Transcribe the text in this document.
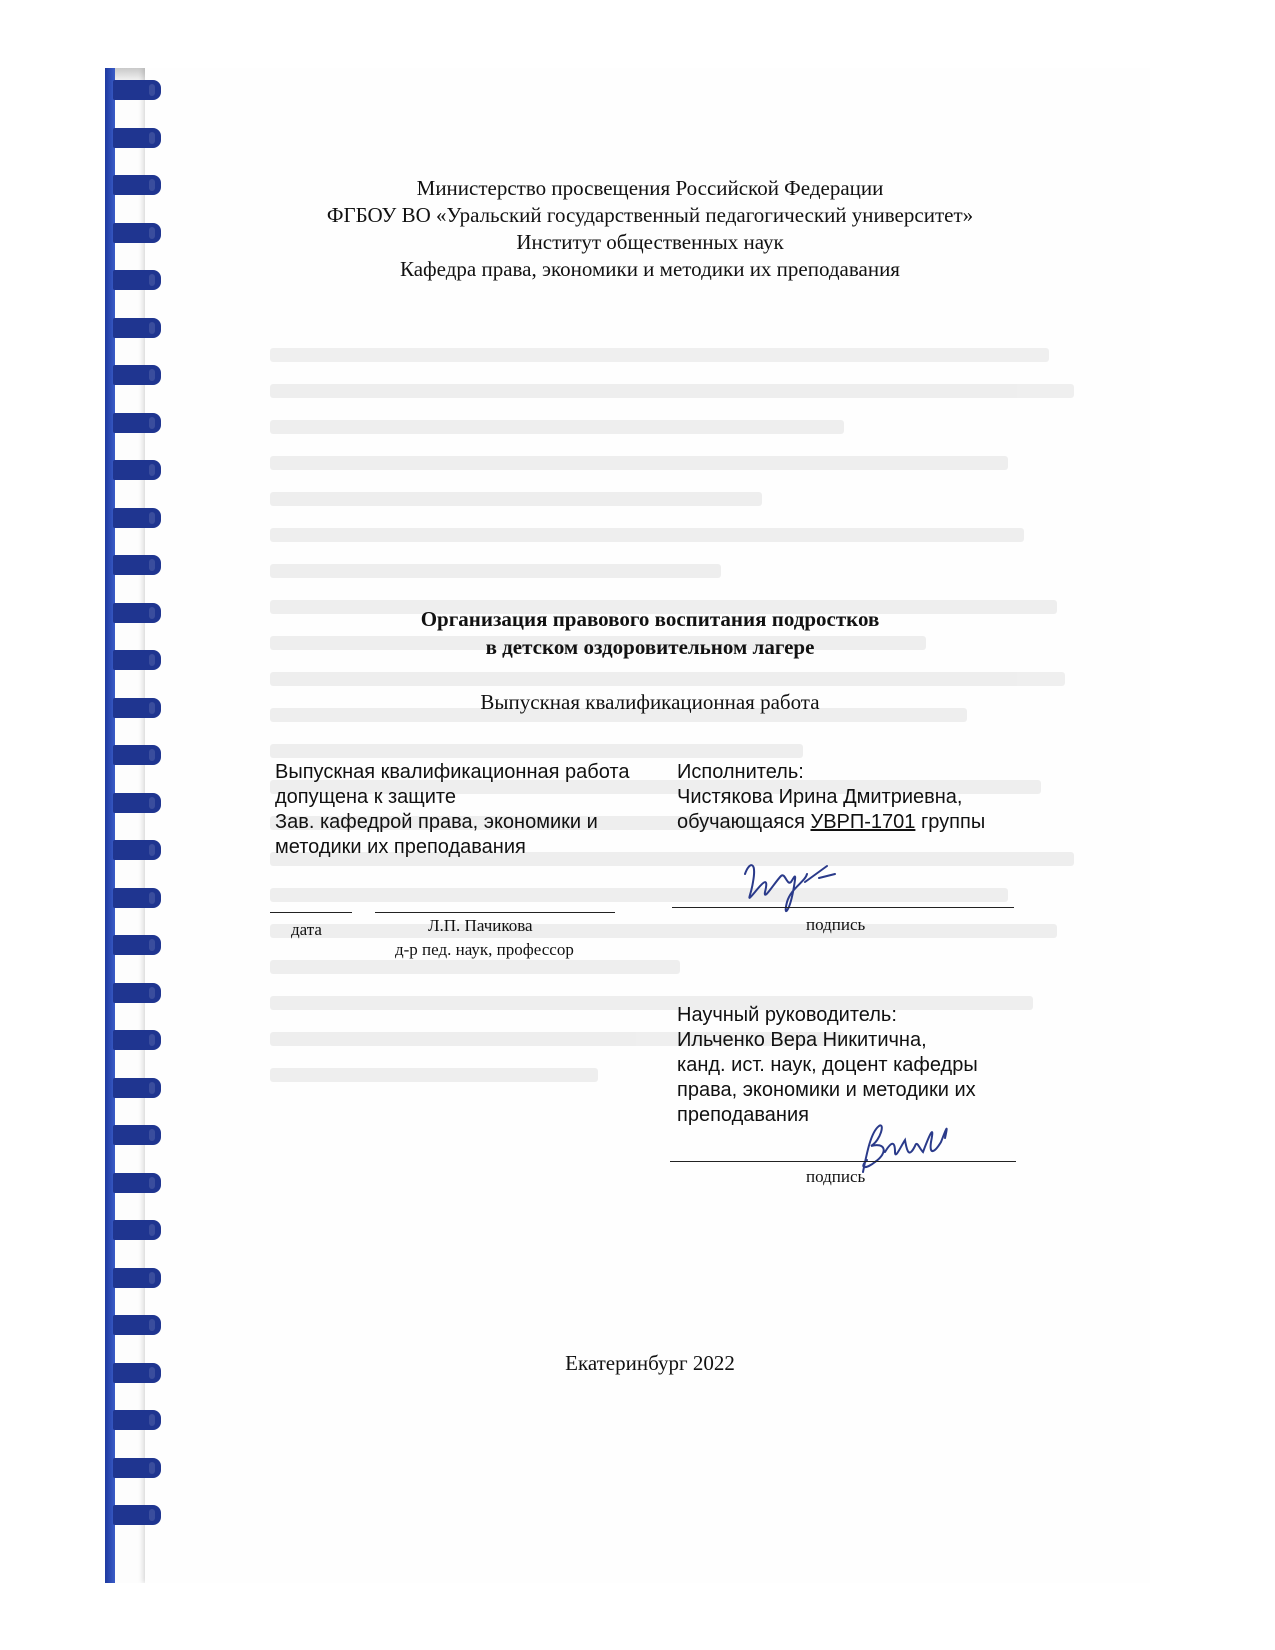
Министерство просвещения Российской Федерации
ФГБОУ ВО «Уральский государственный педагогический университет»
Институт общественных наук
Кафедра права, экономики и методики их преподавания
Организация правового воспитания подростков
в детском оздоровительном лагере
Выпускная квалификационная работа
Выпускная квалификационная работа
допущена к защите
Зав. кафедрой права, экономики и
методики их преподавания
дата	Л.П. Пачикова
д-р пед. наук, профессор
Исполнитель:
Чистякова Ирина Дмитриевна,
обучающаяся УВРП-1701 группы
подпись
Научный руководитель:
Ильченко Вера Никитична,
канд. ист. наук, доцент кафедры
права, экономики и методики их
преподавания
подпись
Екатеринбург 2022
